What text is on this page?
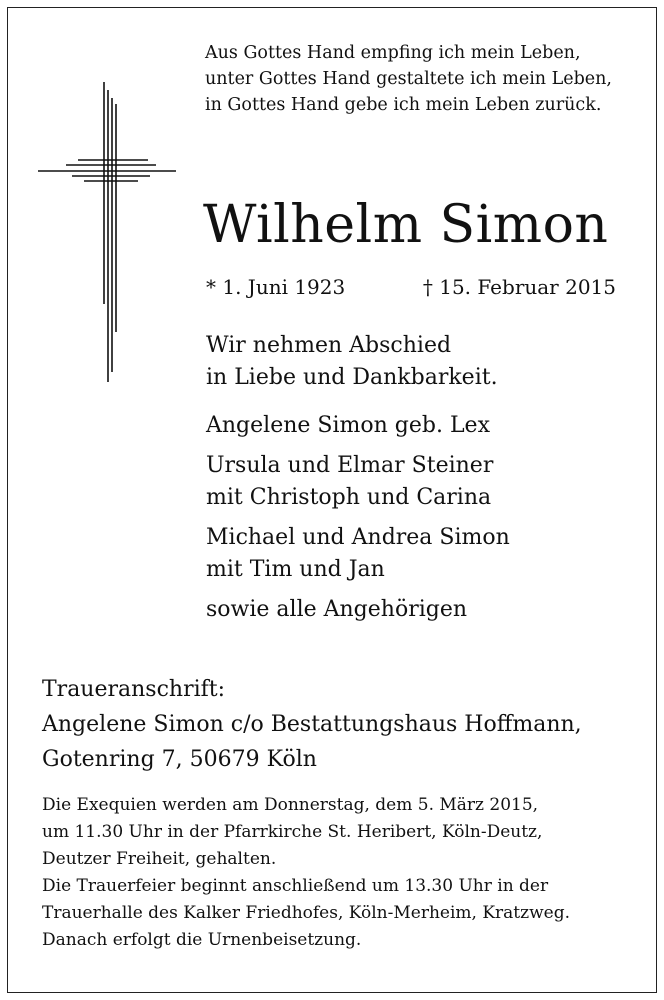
Aus Gottes Hand empfing ich mein Leben,
unter Gottes Hand gestaltete ich mein Leben,
in Gottes Hand gebe ich mein Leben zurück.
Wilhelm Simon
* 1. Juni 1923	† 15. Februar 2015
Wir nehmen Abschied
in Liebe und Dankbarkeit.
Angelene Simon geb. Lex
Ursula und Elmar Steiner
mit Christoph und Carina
Michael und Andrea Simon
mit Tim und Jan
sowie alle Angehörigen
Traueranschrift:
Angelene Simon c/o Bestattungshaus Hoffmann,
Gotenring 7, 50679 Köln
Die Exequien werden am Donnerstag, dem 5. März 2015,
um 11.30 Uhr in der Pfarrkirche St. Heribert, Köln-Deutz,
Deutzer Freiheit, gehalten.
Die Trauerfeier beginnt anschließend um 13.30 Uhr in der
Trauerhalle des Kalker Friedhofes, Köln-Merheim, Kratzweg.
Danach erfolgt die Urnenbeisetzung.
